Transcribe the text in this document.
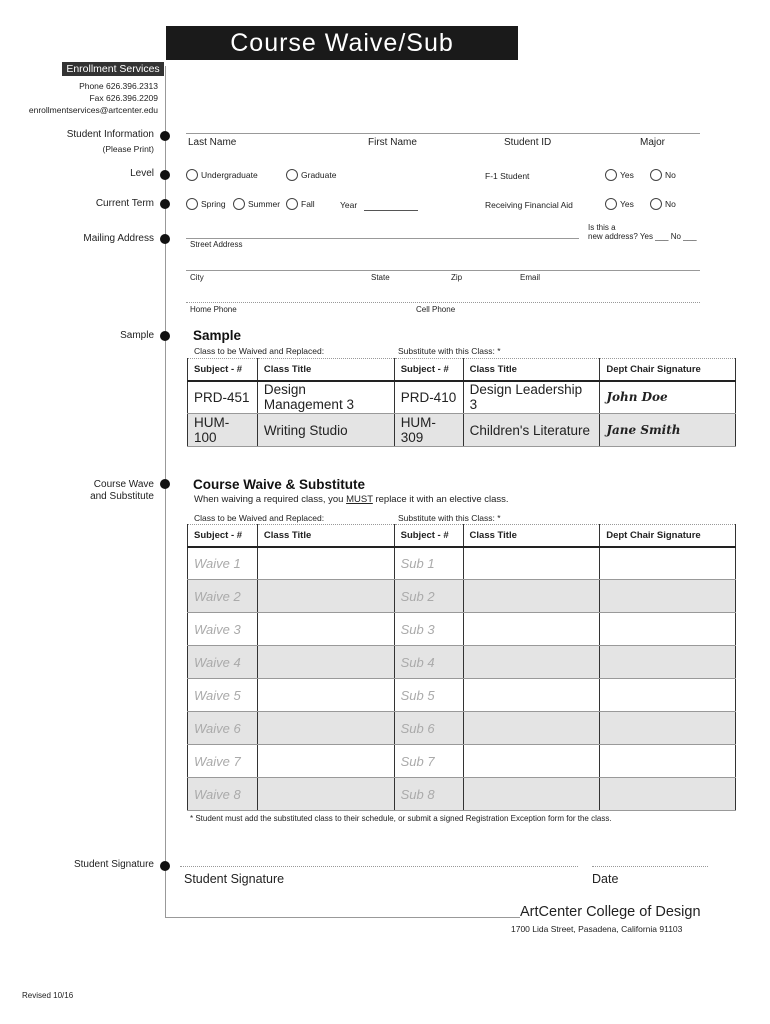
Course Waive/Sub
Enrollment Services
Phone 626.396.2313
Fax 626.396.2209
enrollmentservices@artcenter.edu
Student Information
(Please Print)
Level
Current Term
Mailing Address
Sample
Course Wave
and Substitute
Student Signature
Last Name	First Name	Student ID	Major
Undergraduate	Graduate	F-1 Student	Yes	No
Spring	Summer Fall	Year	Receiving Financial Aid	Yes	No
Street Address
Is this a
new address? Yes ___ No ___
City	State	Zip	Email
Home Phone	Cell Phone
Sample
Class to be Waived and Replaced:	Substitute with this Class: *
Subject - #	Class Title	Subject - #	Class Title	Dept Chair Signature
PRD-451	Design Management 3	PRD-410	Design Leadership 3	John Doe
HUM-100	Writing Studio	HUM-309	Children's Literature	Jane Smith
Course Waive & Substitute
When waiving a required class, you MUST replace it with an elective class.
Class to be Waived and Replaced:	Substitute with this Class: *
Subject - #	Class Title	Subject - #	Class Title	Dept Chair Signature
Waive 1		Sub 1		
Waive 2		Sub 2		
Waive 3		Sub 3		
Waive 4		Sub 4		
Waive 5		Sub 5		
Waive 6		Sub 6		
Waive 7		Sub 7		
Waive 8		Sub 8		
* Student must add the substituted class to their schedule, or submit a signed Registration Exception form for the class.
Student Signature	Date
ArtCenter College of Design
1700 Lida Street, Pasadena, California 91103
Revised 10/16
